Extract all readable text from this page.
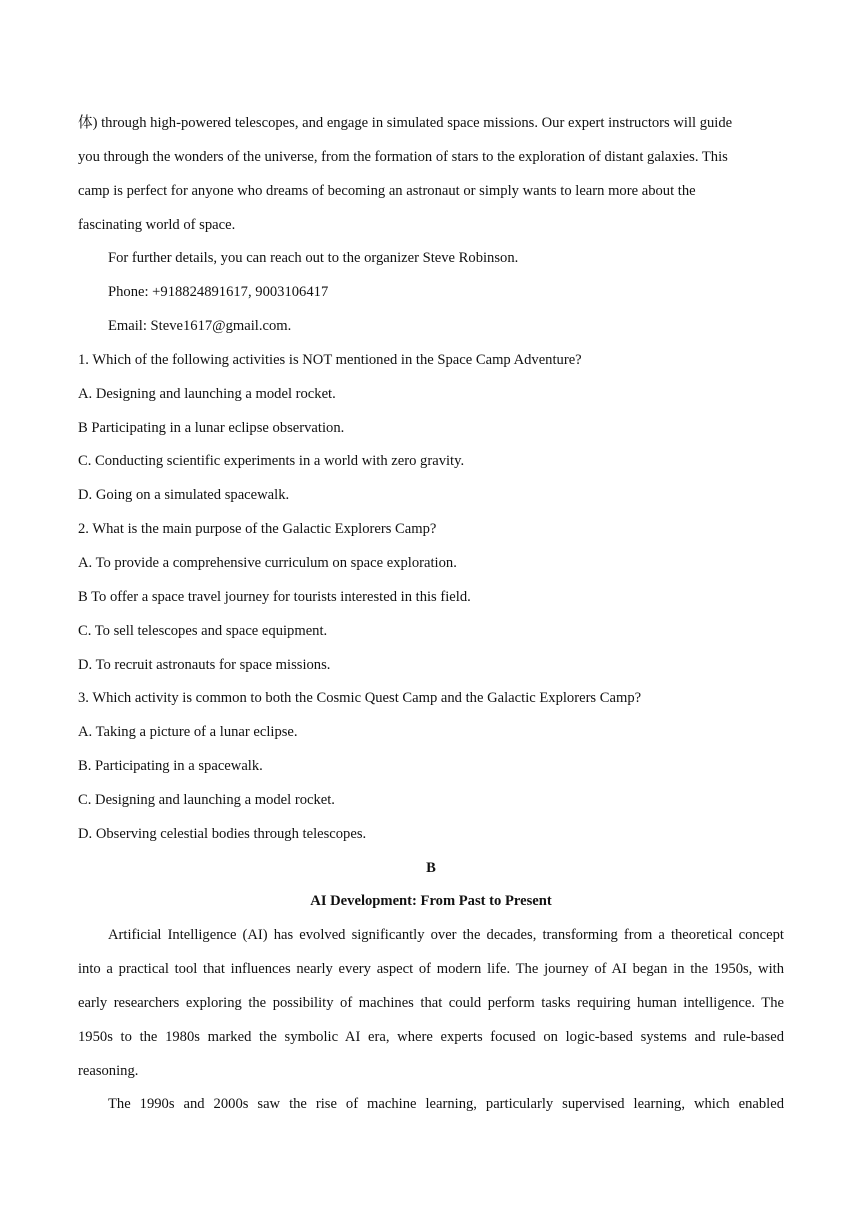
体) through high-powered telescopes, and engage in simulated space missions. Our expert instructors will guide
you through the wonders of the universe, from the formation of stars to the exploration of distant galaxies. This
camp is perfect for anyone who dreams of becoming an astronaut or simply wants to learn more about the
fascinating world of space.
For further details, you can reach out to the organizer Steve Robinson.
Phone: +918824891617, 9003106417
Email: Steve1617@gmail.com.
1. Which of the following activities is NOT mentioned in the Space Camp Adventure?
A. Designing and launching a model rocket.
B Participating in a lunar eclipse observation.
C. Conducting scientific experiments in a world with zero gravity.
D. Going on a simulated spacewalk.
2. What is the main purpose of the Galactic Explorers Camp?
A. To provide a comprehensive curriculum on space exploration.
B To offer a space travel journey for tourists interested in this field.
C. To sell telescopes and space equipment.
D. To recruit astronauts for space missions.
3. Which activity is common to both the Cosmic Quest Camp and the Galactic Explorers Camp?
A. Taking a picture of a lunar eclipse.
B. Participating in a spacewalk.
C. Designing and launching a model rocket.
D. Observing celestial bodies through telescopes.
B
AI Development: From Past to Present
Artificial Intelligence (AI) has evolved significantly over the decades, transforming from a theoretical concept
into a practical tool that influences nearly every aspect of modern life. The journey of AI began in the 1950s, with
early researchers exploring the possibility of machines that could perform tasks requiring human intelligence. The
1950s to the 1980s marked the symbolic AI era, where experts focused on logic-based systems and rule-based
reasoning.
The 1990s and 2000s saw the rise of machine learning, particularly supervised learning, which enabled
